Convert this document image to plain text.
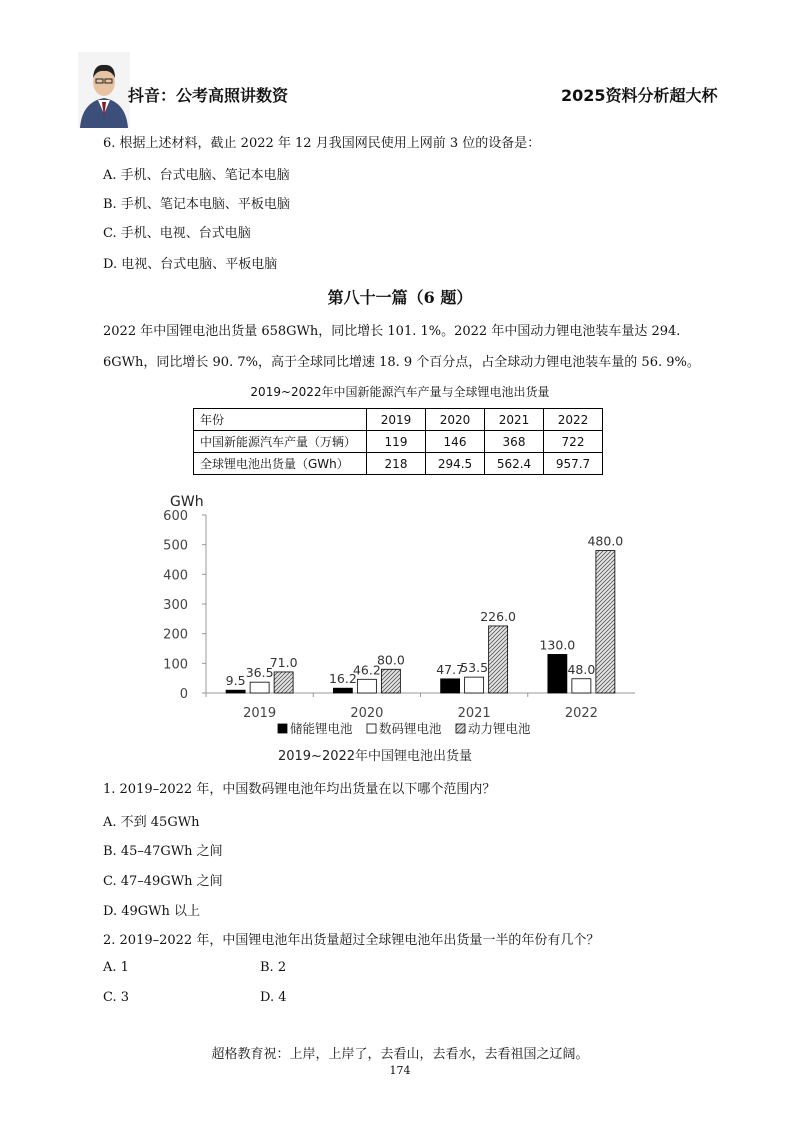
抖音：公考高照讲数资	2025资料分析超大杯
6. 根据上述材料，截止 2022 年 12 月我国网民使用上网前 3 位的设备是：
A. 手机、台式电脑、笔记本电脑
B. 手机、笔记本电脑、平板电脑
C. 手机、电视、台式电脑
D. 电视、台式电脑、平板电脑
第八十一篇（6 题）
2022 年中国锂电池出货量 658GWh，同比增长 101. 1%。2022 年中国动力锂电池装车量达 294. 6GWh，同比增长 90. 7%，高于全球同比增速 18. 9 个百分点，占全球动力锂电池装车量的 56. 9%。
2019~2022年中国新能源汽车产量与全球锂电池出货量
年份	2019	2020	2021	2022
中国新能源汽车产量（万辆）	119	146	368	722
全球锂电池出货量（GWh）	218	294.5	562.4	957.7
GWh
0
100
200
300
400
500
600
2019	2020	2021	2022
9.5
36.5
71.0
16.2
46.2
80.0
47.7
53.5
226.0
130.0
48.0
480.0
储能锂电池 数码锂电池 动力锂电池
2019~2022年中国锂电池出货量
1. 2019–2022 年，中国数码锂电池年均出货量在以下哪个范围内？
A. 不到 45GWh
B. 45–47GWh 之间
C. 47–49GWh 之间
D. 49GWh 以上
2. 2019–2022 年，中国锂电池年出货量超过全球锂电池年出货量一半的年份有几个？
A. 1	B. 2
C. 3	D. 4
超格教育祝：上岸，上岸了，去看山，去看水，去看祖国之辽阔。
174
